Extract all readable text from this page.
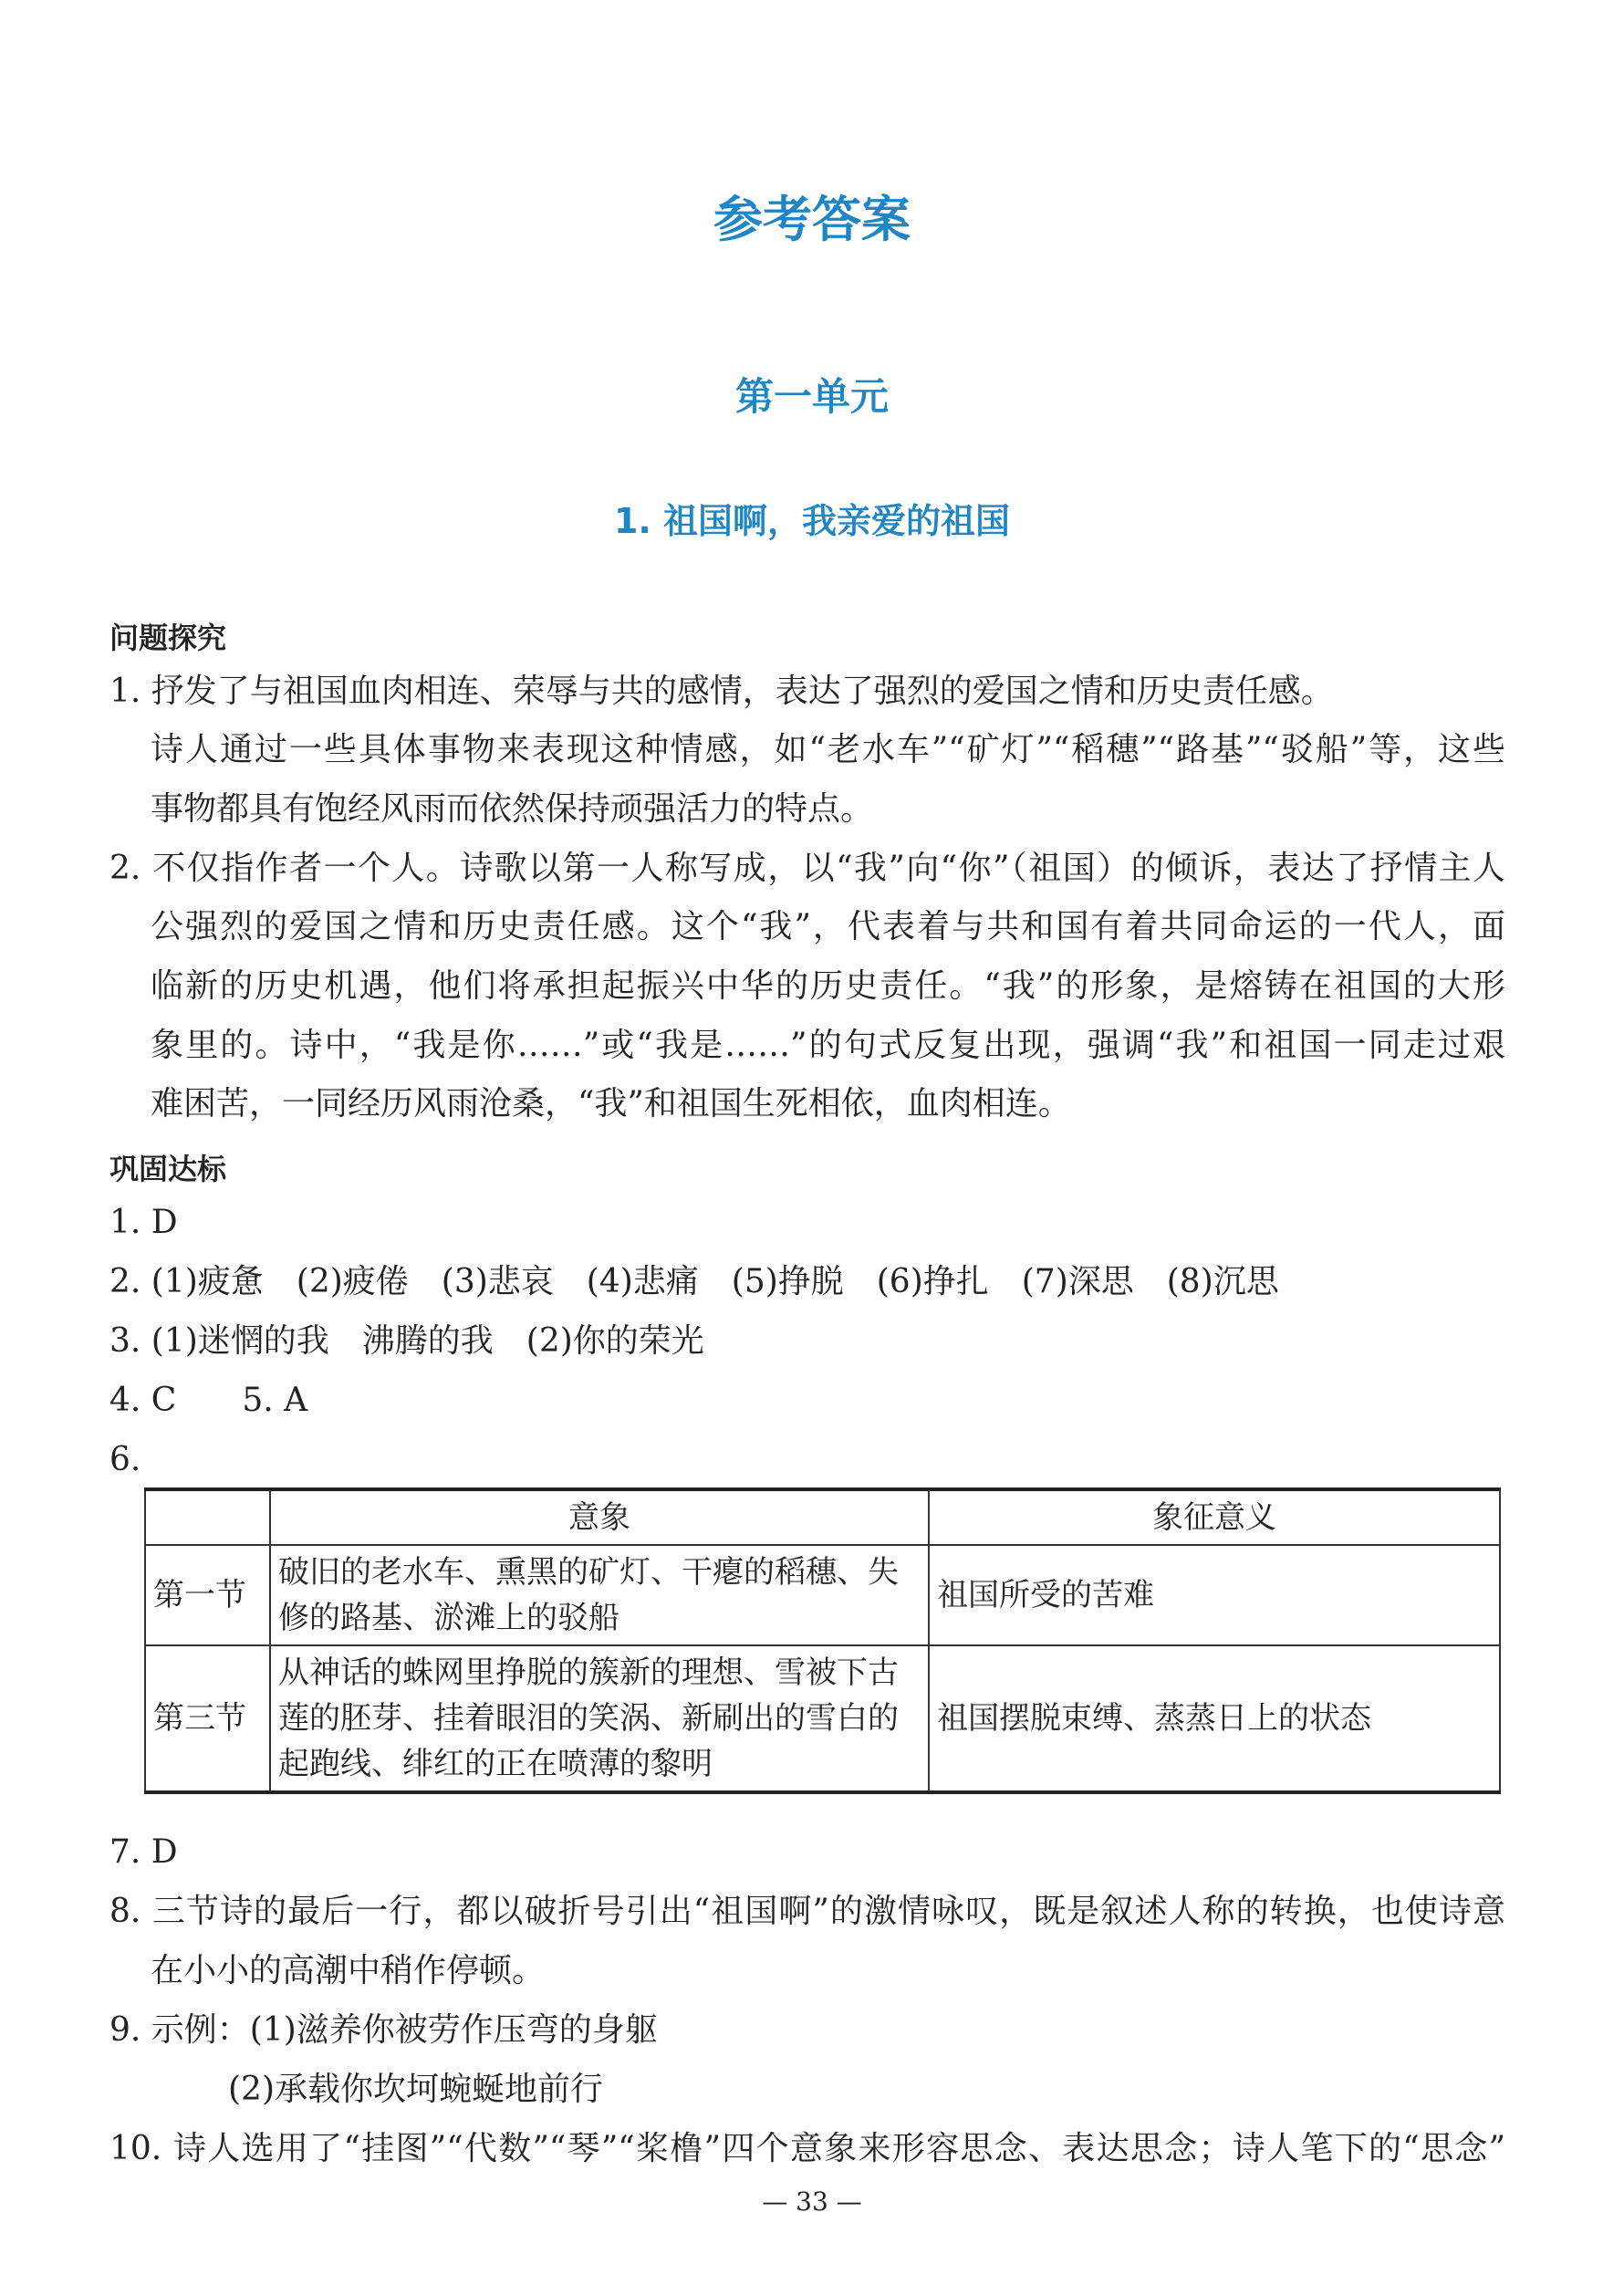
参考答案
第一单元
1. 祖国啊，我亲爱的祖国
问题探究
1. 抒发了与祖国血肉相连、荣辱与共的感情，表达了强烈的爱国之情和历史责任感。
诗人通过一些具体事物来表现这种情感，如“老水车”“矿灯”“稻穗”“路基”“驳船”等，这些
事物都具有饱经风雨而依然保持顽强活力的特点。
2. 不仅指作者一个人。诗歌以第一人称写成，以“我”向“你”（祖国）的倾诉，表达了抒情主人
公强烈的爱国之情和历史责任感。这个“我”，代表着与共和国有着共同命运的一代人，面
临新的历史机遇，他们将承担起振兴中华的历史责任。“我”的形象，是熔铸在祖国的大形
象里的。诗中，“我是你……”或“我是……”的句式反复出现，强调“我”和祖国一同走过艰
难困苦，一同经历风雨沧桑，“我”和祖国生死相依，血肉相连。
巩固达标
1. D
2. (1)疲惫　(2)疲倦　(3)悲哀　(4)悲痛　(5)挣脱　(6)挣扎　(7)深思　(8)沉思
3. (1)迷惘的我　沸腾的我　(2)你的荣光
4. C　　5. A
6.
	意象	象征意义
第一节	破旧的老水车、熏黑的矿灯、干瘪的稻穗、失修的路基、淤滩上的驳船	祖国所受的苦难
第三节	从神话的蛛网里挣脱的簇新的理想、雪被下古莲的胚芽、挂着眼泪的笑涡、新刷出的雪白的起跑线、绯红的正在喷薄的黎明	祖国摆脱束缚、蒸蒸日上的状态
7. D
8. 三节诗的最后一行，都以破折号引出“祖国啊”的激情咏叹，既是叙述人称的转换，也使诗意
在小小的高潮中稍作停顿。
9. 示例：(1)滋养你被劳作压弯的身躯
(2)承载你坎坷蜿蜒地前行
10. 诗人选用了“挂图”“代数”“琴”“桨橹”四个意象来形容思念、表达思念；诗人笔下的“思念”
— 33 —
